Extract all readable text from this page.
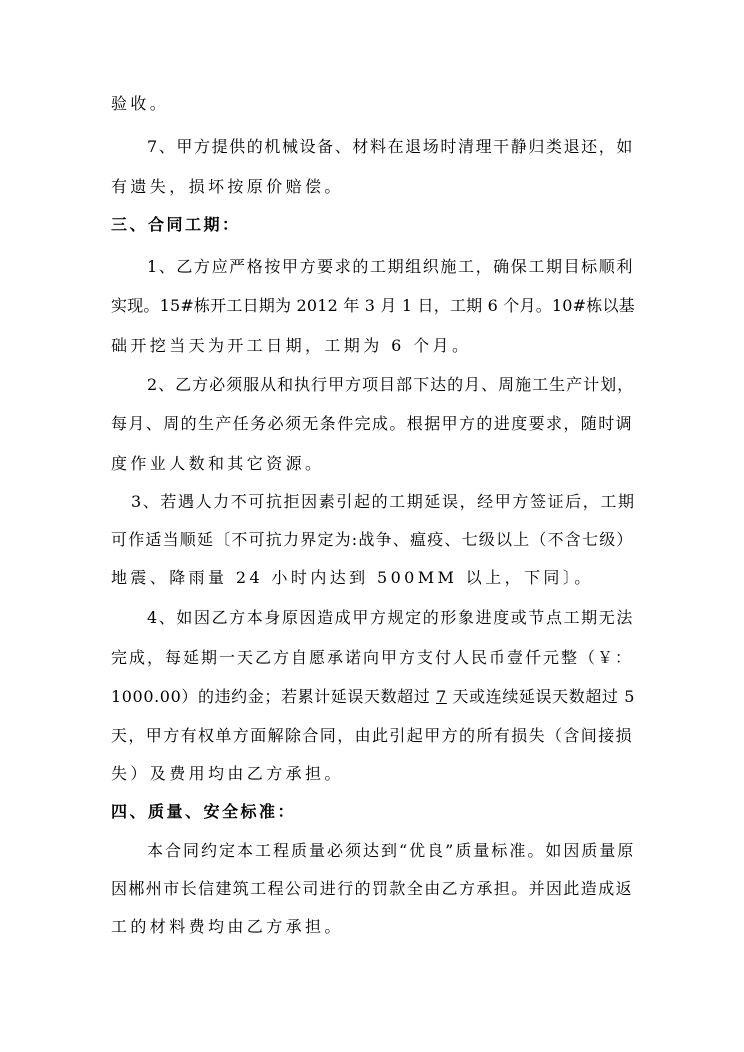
验收。
7、甲方提供的机械设备、材料在退场时清理干静归类退还，如
有遗失，损坏按原价赔偿。
三、合同工期：
1、乙方应严格按甲方要求的工期组织施工，确保工期目标顺利
实现。15#栋开工日期为 2012 年 3 月 1 日，工期 6 个月。10#栋以基
础开挖当天为开工日期，工期为 6 个月。
2、乙方必须服从和执行甲方项目部下达的月、周施工生产计划，
每月、周的生产任务必须无条件完成。根据甲方的进度要求，随时调
度作业人数和其它资源。
3、若遇人力不可抗拒因素引起的工期延误，经甲方签证后，工期
可作适当顺延〔不可抗力界定为:战争、瘟疫、七级以上（不含七级）
地震、降雨量 24 小时内达到 500MM 以上，下同〕。
4、如因乙方本身原因造成甲方规定的形象进度或节点工期无法
完成，每延期一天乙方自愿承诺向甲方支付人民币壹仟元整（￥：
1000.00）的违约金；若累计延误天数超过 7 天或连续延误天数超过 5
天，甲方有权单方面解除合同，由此引起甲方的所有损失（含间接损
失）及费用均由乙方承担。
四、质量、安全标准：
本合同约定本工程质量必须达到“优良”质量标准。如因质量原
因郴州市长信建筑工程公司进行的罚款全由乙方承担。并因此造成返
工的材料费均由乙方承担。
